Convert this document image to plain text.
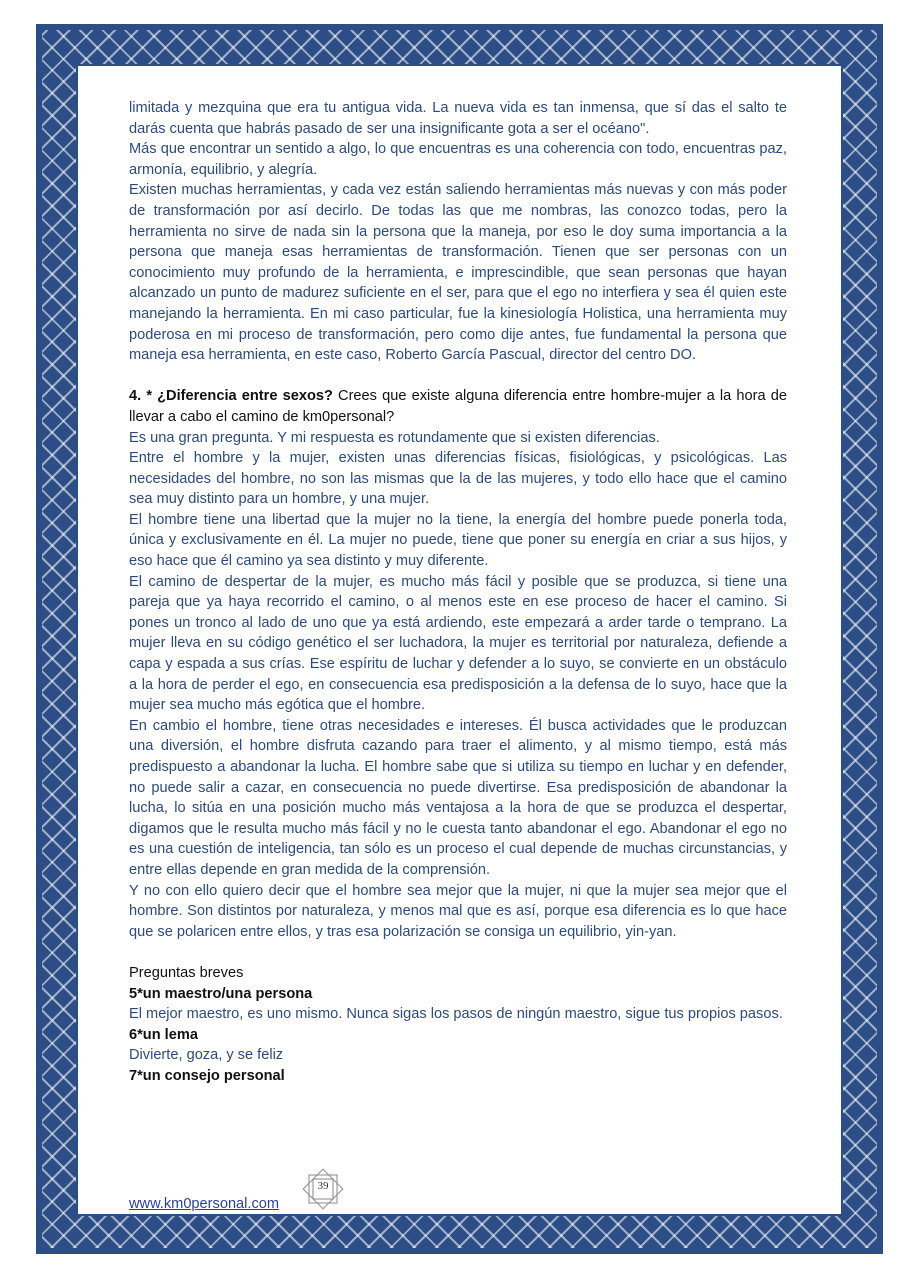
limitada y mezquina que era tu antigua vida. La nueva vida es tan inmensa, que sí das el salto te darás cuenta que habrás pasado de ser una insignificante gota a ser el océano".

Más que encontrar un sentido a algo, lo que encuentras es una coherencia con todo, encuentras paz, armonía, equilibrio, y alegría.

Existen muchas herramientas, y cada vez están saliendo herramientas más nuevas y con más poder de transformación por así decirlo. De todas las que me nombras, las conozco todas, pero la herramienta no sirve de nada sin la persona que la maneja, por eso le doy suma importancia a la persona que maneja esas herramientas de transformación. Tienen que ser personas con un conocimiento muy profundo de la herramienta, e imprescindible, que sean personas que hayan alcanzado un punto de madurez suficiente en el ser, para que el ego no interfiera y sea él quien este manejando la herramienta. En mi caso particular, fue la kinesiología Holistica, una herramienta muy poderosa en mi proceso de transformación, pero como dije antes, fue fundamental la persona que maneja esa herramienta, en este caso, Roberto García Pascual, director del centro DO.

4. * ¿Diferencia entre sexos? Crees que existe alguna diferencia entre hombre-mujer a la hora de llevar a cabo el camino de km0personal?

Es una gran pregunta. Y mi respuesta es rotundamente que si existen diferencias.

Entre el hombre y la mujer, existen unas diferencias físicas, fisiológicas, y psicológicas. Las necesidades del hombre, no son las mismas que la de las mujeres, y todo ello hace que el camino sea muy distinto para un hombre, y una mujer.

El hombre tiene una libertad que la mujer no la tiene, la energía del hombre puede ponerla toda, única y exclusivamente en él. La mujer no puede, tiene que poner su energía en criar a sus hijos, y eso hace que él camino ya sea distinto y muy diferente.

El camino de despertar de la mujer, es mucho más fácil y posible que se produzca, si tiene una pareja que ya haya recorrido el camino, o al menos este en ese proceso de hacer el camino. Si pones un tronco al lado de uno que ya está ardiendo, este empezará a arder tarde o temprano. La mujer lleva en su código genético el ser luchadora, la mujer es territorial por naturaleza, defiende a capa y espada a sus crías. Ese espíritu de luchar y defender a lo suyo, se convierte en un obstáculo a la hora de perder el ego, en consecuencia esa predisposición a la defensa de lo suyo, hace que la mujer sea mucho más egótica que el hombre.

En cambio el hombre, tiene otras necesidades e intereses. Él busca actividades que le produzcan una diversión, el hombre disfruta cazando para traer el alimento, y al mismo tiempo, está más predispuesto a abandonar la lucha. El hombre sabe que si utiliza su tiempo en luchar y en defender, no puede salir a cazar, en consecuencia no puede divertirse. Esa predisposición de abandonar la lucha, lo sitúa en una posición mucho más ventajosa a la hora de que se produzca el despertar, digamos que le resulta mucho más fácil y no le cuesta tanto abandonar el ego. Abandonar el ego no es una cuestión de inteligencia, tan sólo es un proceso el cual depende de muchas circunstancias, y entre ellas depende en gran medida de la comprensión.

Y no con ello quiero decir que el hombre sea mejor que la mujer, ni que la mujer sea mejor que el hombre. Son distintos por naturaleza, y menos mal que es así, porque esa diferencia es lo que hace que se polaricen entre ellos, y tras esa polarización se consiga un equilibrio, yin-yan.

Preguntas breves

5*un maestro/una persona

El mejor maestro, es uno mismo. Nunca sigas los pasos de ningún maestro, sigue tus propios pasos.

6*un lema

Divierte, goza, y se feliz

7*un consejo personal

39
www.km0personal.com
